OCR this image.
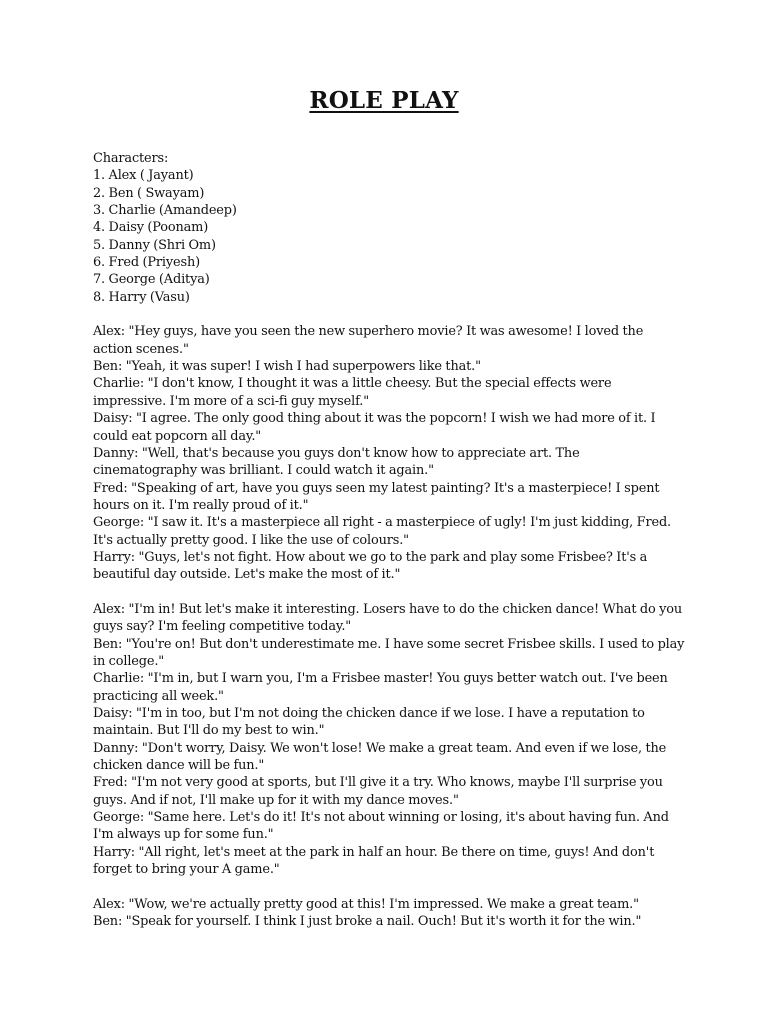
ROLE PLAY
Characters:
1. Alex ( Jayant)
2. Ben ( Swayam)
3. Charlie (Amandeep)
4. Daisy (Poonam)
5. Danny (Shri Om)
6. Fred (Priyesh)
7. George (Aditya)
8. Harry (Vasu)
Alex: "Hey guys, have you seen the new superhero movie? It was awesome! I loved the
action scenes."
Ben: "Yeah, it was super! I wish I had superpowers like that."
Charlie: "I don't know, I thought it was a little cheesy. But the special effects were
impressive. I'm more of a sci-fi guy myself."
Daisy: "I agree. The only good thing about it was the popcorn! I wish we had more of it. I
could eat popcorn all day."
Danny: "Well, that's because you guys don't know how to appreciate art. The
cinematography was brilliant. I could watch it again."
Fred: "Speaking of art, have you guys seen my latest painting? It's a masterpiece! I spent
hours on it. I'm really proud of it."
George: "I saw it. It's a masterpiece all right - a masterpiece of ugly! I'm just kidding, Fred.
It's actually pretty good. I like the use of colours."
Harry: "Guys, let's not fight. How about we go to the park and play some Frisbee? It's a
beautiful day outside. Let's make the most of it."
Alex: "I'm in! But let's make it interesting. Losers have to do the chicken dance! What do you
guys say? I'm feeling competitive today."
Ben: "You're on! But don't underestimate me. I have some secret Frisbee skills. I used to play
in college."
Charlie: "I'm in, but I warn you, I'm a Frisbee master! You guys better watch out. I've been
practicing all week."
Daisy: "I'm in too, but I'm not doing the chicken dance if we lose. I have a reputation to
maintain. But I'll do my best to win."
Danny: "Don't worry, Daisy. We won't lose! We make a great team. And even if we lose, the
chicken dance will be fun."
Fred: "I'm not very good at sports, but I'll give it a try. Who knows, maybe I'll surprise you
guys. And if not, I'll make up for it with my dance moves."
George: "Same here. Let's do it! It's not about winning or losing, it's about having fun. And
I'm always up for some fun."
Harry: "All right, let's meet at the park in half an hour. Be there on time, guys! And don't
forget to bring your A game."
Alex: "Wow, we're actually pretty good at this! I'm impressed. We make a great team."
Ben: "Speak for yourself. I think I just broke a nail. Ouch! But it's worth it for the win."
